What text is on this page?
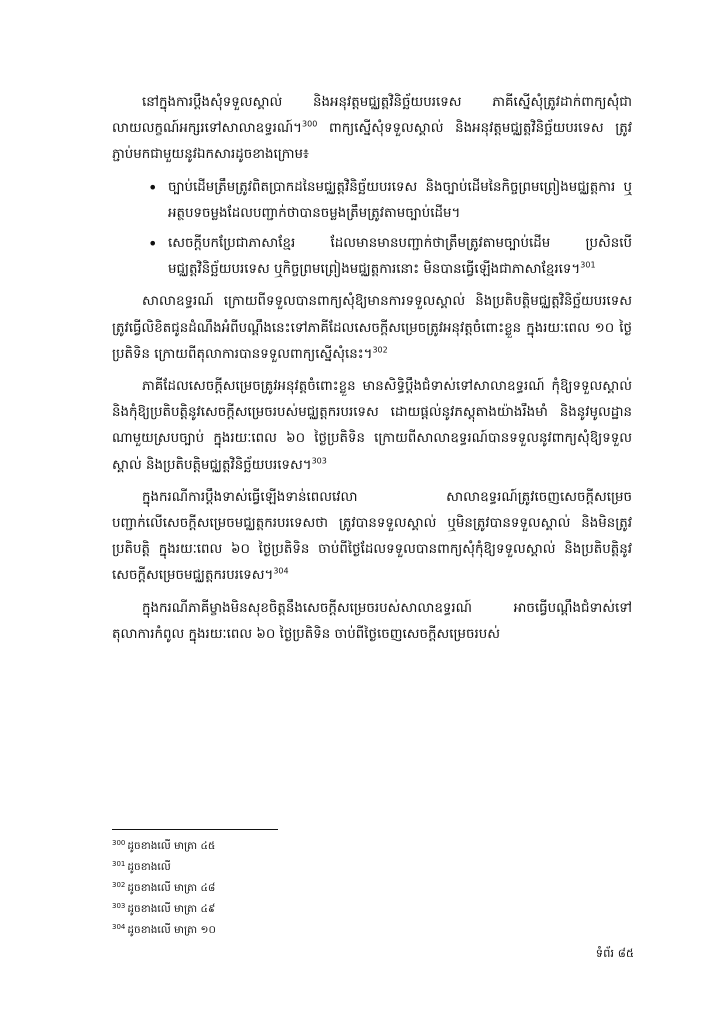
នៅក្នុងការប្តឹងសុំទទួលស្គាល់ និងអនុវត្តមជ្ឈត្តវិនិច្ឆ័យបរទេស ភាគីស្នើសុំត្រូវដាក់ពាក្យសុំជាលាយលក្ខណ៍អក្សរទៅសាលាឧទ្ធរណ៍។$^{300}$ ពាក្យស្នើសុំទទួលស្គាល់ និងអនុវត្តមជ្ឈត្តវិនិច្ឆ័យបរទេស ត្រូវភ្ជាប់មកជាមួយនូវឯកសារដូចខាងក្រោម៖

•
ច្បាប់ដើមត្រឹមត្រូវពិតប្រាកដនៃមជ្ឈត្តវិនិច្ឆ័យបរទេស និងច្បាប់ដើមនៃកិច្ចព្រមព្រៀងមជ្ឈត្តការ ឬអត្ថបទចម្លងដែលបញ្ជាក់ថាបានចម្លងត្រឹមត្រូវតាមច្បាប់ដើម។
•
សេចក្តីបកប្រែជាភាសាខ្មែរ ដែលមានមានបញ្ជាក់ថាត្រឹមត្រូវតាមច្បាប់ដើម ប្រសិនបើមជ្ឈត្តវិនិច្ឆ័យបរទេស ឬកិច្ចព្រមព្រៀងមជ្ឈត្តការនោះ មិនបានធ្វើឡើងជាភាសាខ្មែរទេ។$^{301}$

សាលាឧទ្ធរណ៍ ក្រោយពីទទួលបានពាក្យសុំឱ្យមានការទទួលស្គាល់ និងប្រតិបត្តិមជ្ឈត្តវិនិច្ឆ័យបរទេស ត្រូវធ្វើលិខិតជូនដំណឹងអំពីបណ្តឹងនេះទៅភាគីដែលសេចក្តីសម្រេចត្រូវអនុវត្តចំពោះខ្លួន ក្នុងរយៈពេល ១០ ថ្ងៃប្រតិទិន ក្រោយពីតុលាការបានទទួលពាក្យស្នើសុំនេះ។$^{302}$

ភាគីដែលសេចក្តីសម្រេចត្រូវអនុវត្តចំពោះខ្លួន មានសិទ្ធិប្តឹងជំទាស់ទៅសាលាឧទ្ធរណ៍ កុំឱ្យទទួលស្គាល់ និងកុំឱ្យប្រតិបត្តិនូវសេចក្តីសម្រេចរបស់មជ្ឈត្តករបរទេស ដោយផ្តល់នូវភស្តុតាងយ៉ាងរឹងមាំ និងនូវមូលដ្ឋានណាមួយស្របច្បាប់ ក្នុងរយៈពេល ៦០ ថ្ងៃប្រតិទិន ក្រោយពីសាលាឧទ្ធរណ៍បានទទួលនូវពាក្យសុំឱ្យទទួលស្គាល់ និងប្រតិបត្តិមជ្ឈត្តវិនិច្ឆ័យបរទេស។$^{303}$

ក្នុងករណីការប្តឹងទាស់ធ្វើឡើងទាន់ពេលវេលា សាលាឧទ្ធរណ៍ត្រូវចេញសេចក្តីសម្រេចបញ្ជាក់លើសេចក្តីសម្រេចមជ្ឈត្តករបរទេសថា ត្រូវបានទទួលស្គាល់ ឬមិនត្រូវបានទទួលស្គាល់ និងមិនត្រូវប្រតិបត្តិ ក្នុងរយៈពេល ៦០ ថ្ងៃប្រតិទិន ចាប់ពីថ្ងៃដែលទទួលបានពាក្យសុំកុំឱ្យទទួលស្គាល់ និងប្រតិបត្តិនូវសេចក្តីសម្រេចមជ្ឈត្តករបរទេស។$^{304}$

ក្នុងករណីភាគីម្ខាងមិនសុខចិត្តនឹងសេចក្តីសម្រេចរបស់សាលាឧទ្ធរណ៍ អាចធ្វើបណ្តឹងជំទាស់ទៅតុលាការកំពូល ក្នុងរយៈពេល ៦០ ថ្ងៃប្រតិទិន ចាប់ពីថ្ងៃចេញសេចក្តីសម្រេចរបស់

$^{300}$ ដូចខាងលើ មាត្រា ៤៥
$^{301}$ ដូចខាងលើ
$^{302}$ ដូចខាងលើ មាត្រា ៤៨
$^{303}$ ដូចខាងលើ មាត្រា ៤៩
$^{304}$ ដូចខាងលើ មាត្រា ១០
ទំព័រ ៨៥
